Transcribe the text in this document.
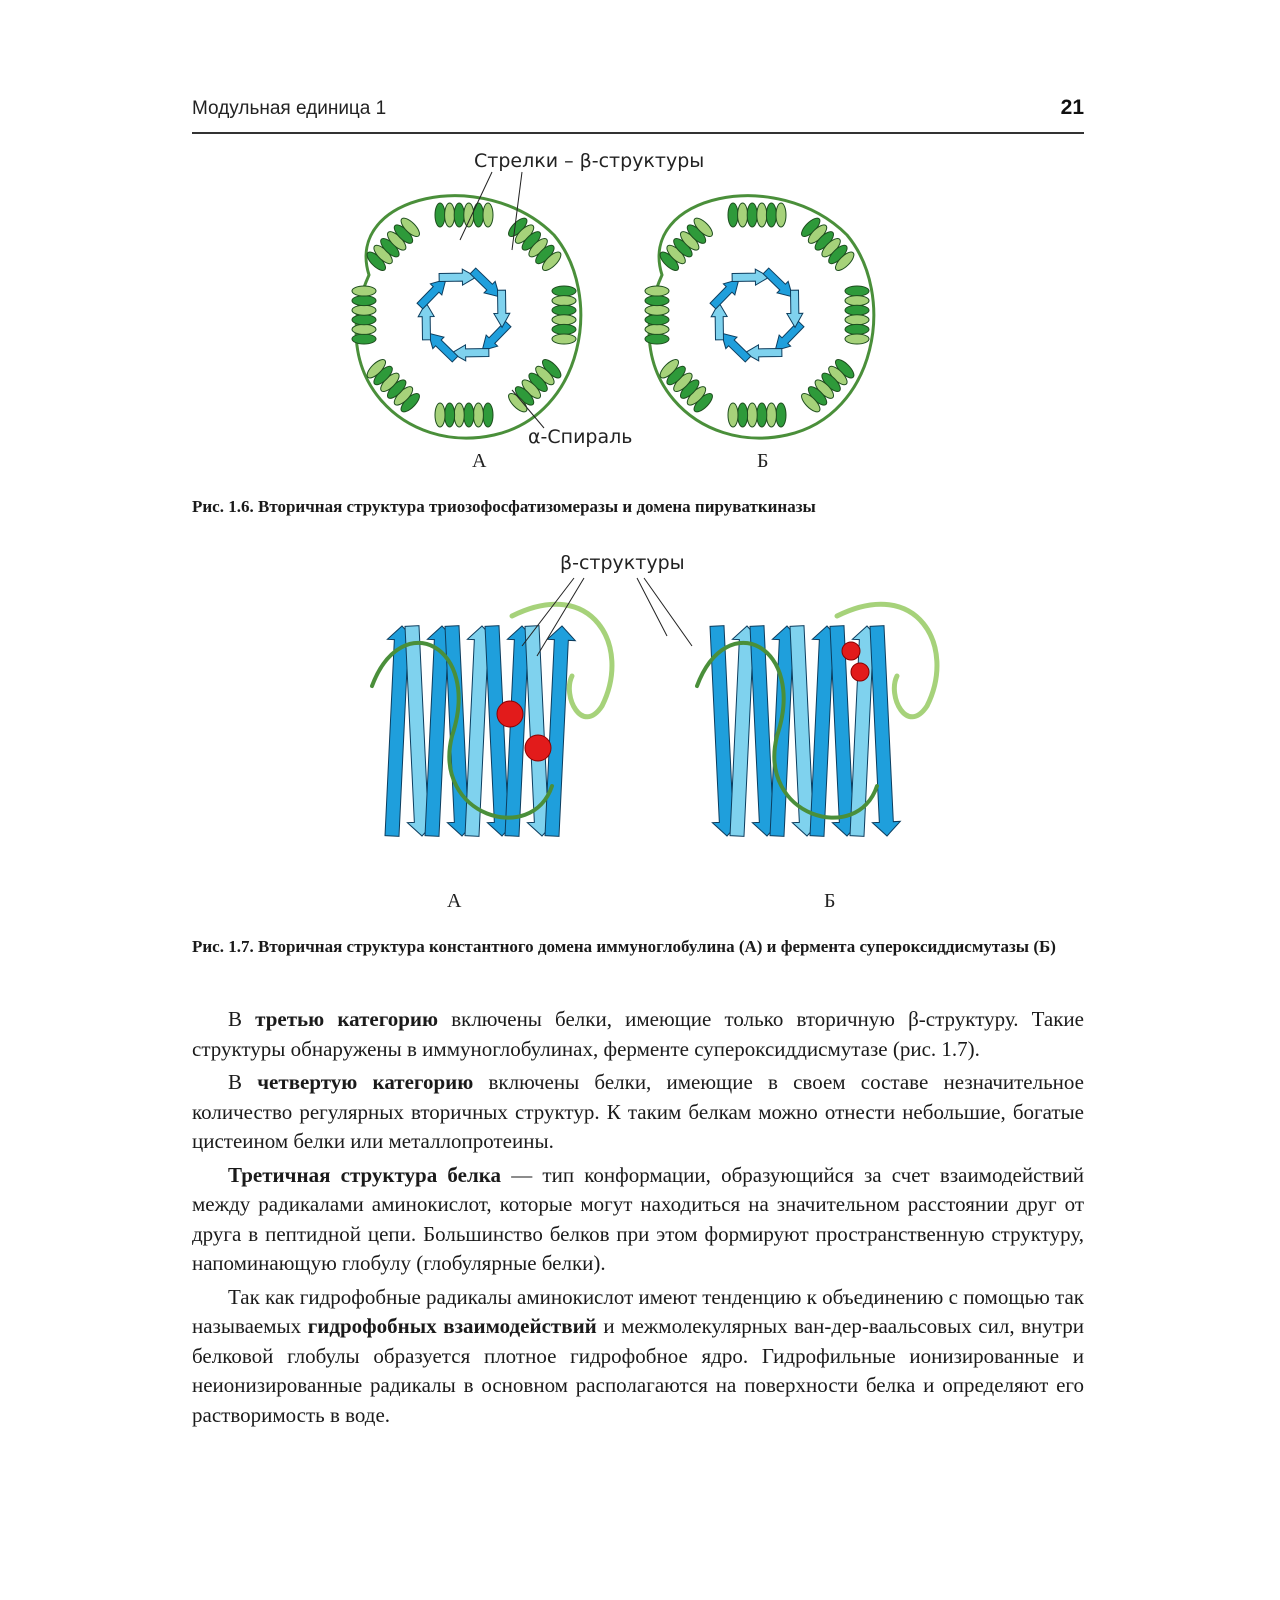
Модульная единица 1	21
Стрелки – β-структуры
α-Спираль
А	Б
Рис. 1.6. Вторичная структура триозофосфатизомеразы и домена пируваткиназы
β-структуры
А	Б
Рис. 1.7. Вторичная структура константного домена иммуноглобулина (А) и фермента супероксиддисмутазы (Б)

В третью категорию включены белки, имеющие только вторичную β-структуру. Такие структуры обнаружены в иммуноглобулинах, ферменте супероксиддисмутазе (рис. 1.7).

В четвертую категорию включены белки, имеющие в своем составе незначительное количество регулярных вторичных структур. К таким белкам можно отнести небольшие, богатые цистеином белки или металлопротеины.

Третичная структура белка — тип конформации, образующийся за счет взаимодействий между радикалами аминокислот, которые могут находиться на значительном расстоянии друг от друга в пептидной цепи. Большинство белков при этом формируют пространственную структуру, напоминающую глобулу (глобулярные белки).

Так как гидрофобные радикалы аминокислот имеют тенденцию к объединению с помощью так называемых гидрофобных взаимодействий и межмолекулярных ван-дер-ваальсовых сил, внутри белковой глобулы образуется плотное гидрофобное ядро. Гидрофильные ионизированные и неионизированные радикалы в основном располагаются на поверхности белка и определяют его растворимость в воде.
